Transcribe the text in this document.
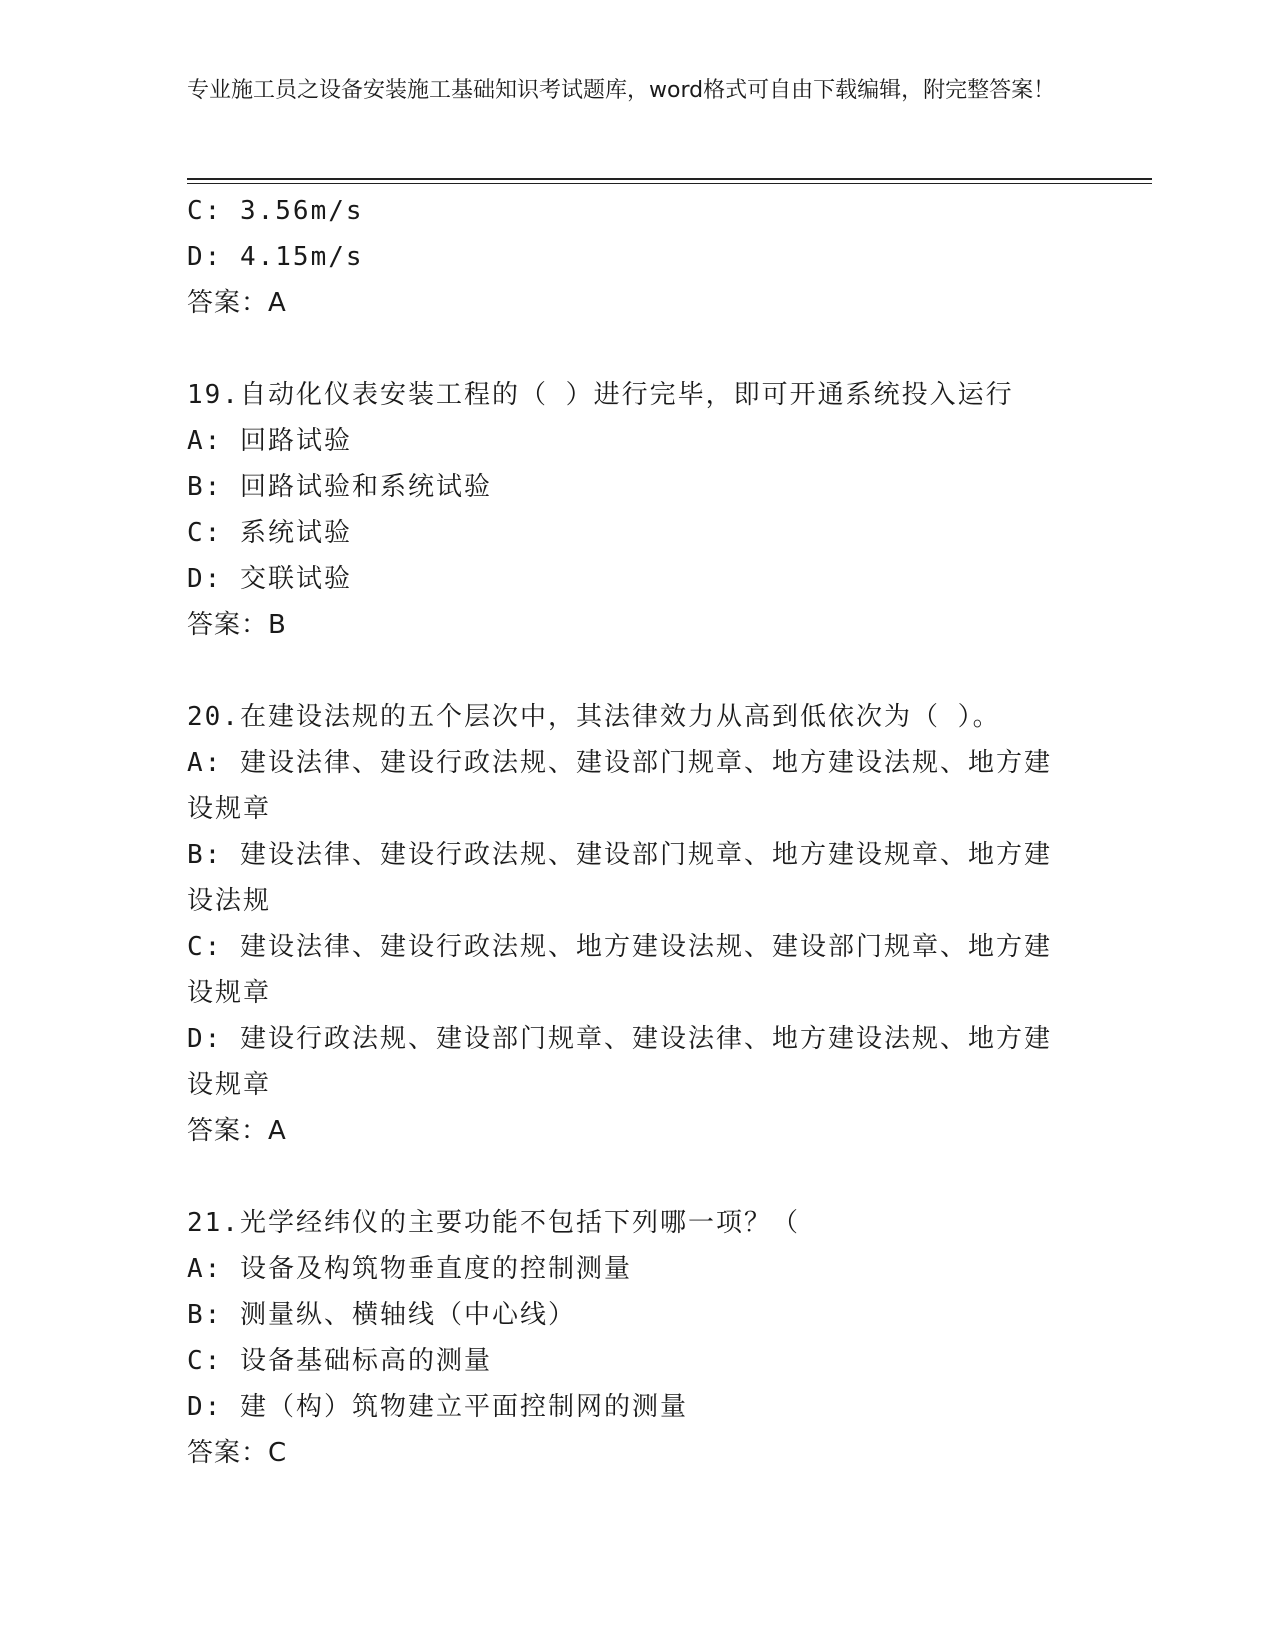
专业施工员之设备安装施工基础知识考试题库，word格式可自由下载编辑，附完整答案！
C: 3.56m/s
D: 4.15m/s
答案：A
19.自动化仪表安装工程的（ ）进行完毕，即可开通系统投入运行
A: 回路试验
B: 回路试验和系统试验
C: 系统试验
D: 交联试验
答案：B
20.在建设法规的五个层次中，其法律效力从高到低依次为（ ）。
A: 建设法律、建设行政法规、建设部门规章、地方建设法规、地方建设规章
B: 建设法律、建设行政法规、建设部门规章、地方建设规章、地方建设法规
C: 建设法律、建设行政法规、地方建设法规、建设部门规章、地方建设规章
D: 建设行政法规、建设部门规章、建设法律、地方建设法规、地方建设规章
答案：A
21.光学经纬仪的主要功能不包括下列哪一项？（
A: 设备及构筑物垂直度的控制测量
B: 测量纵、横轴线（中心线）
C: 设备基础标高的测量
D: 建（构）筑物建立平面控制网的测量
答案：C
